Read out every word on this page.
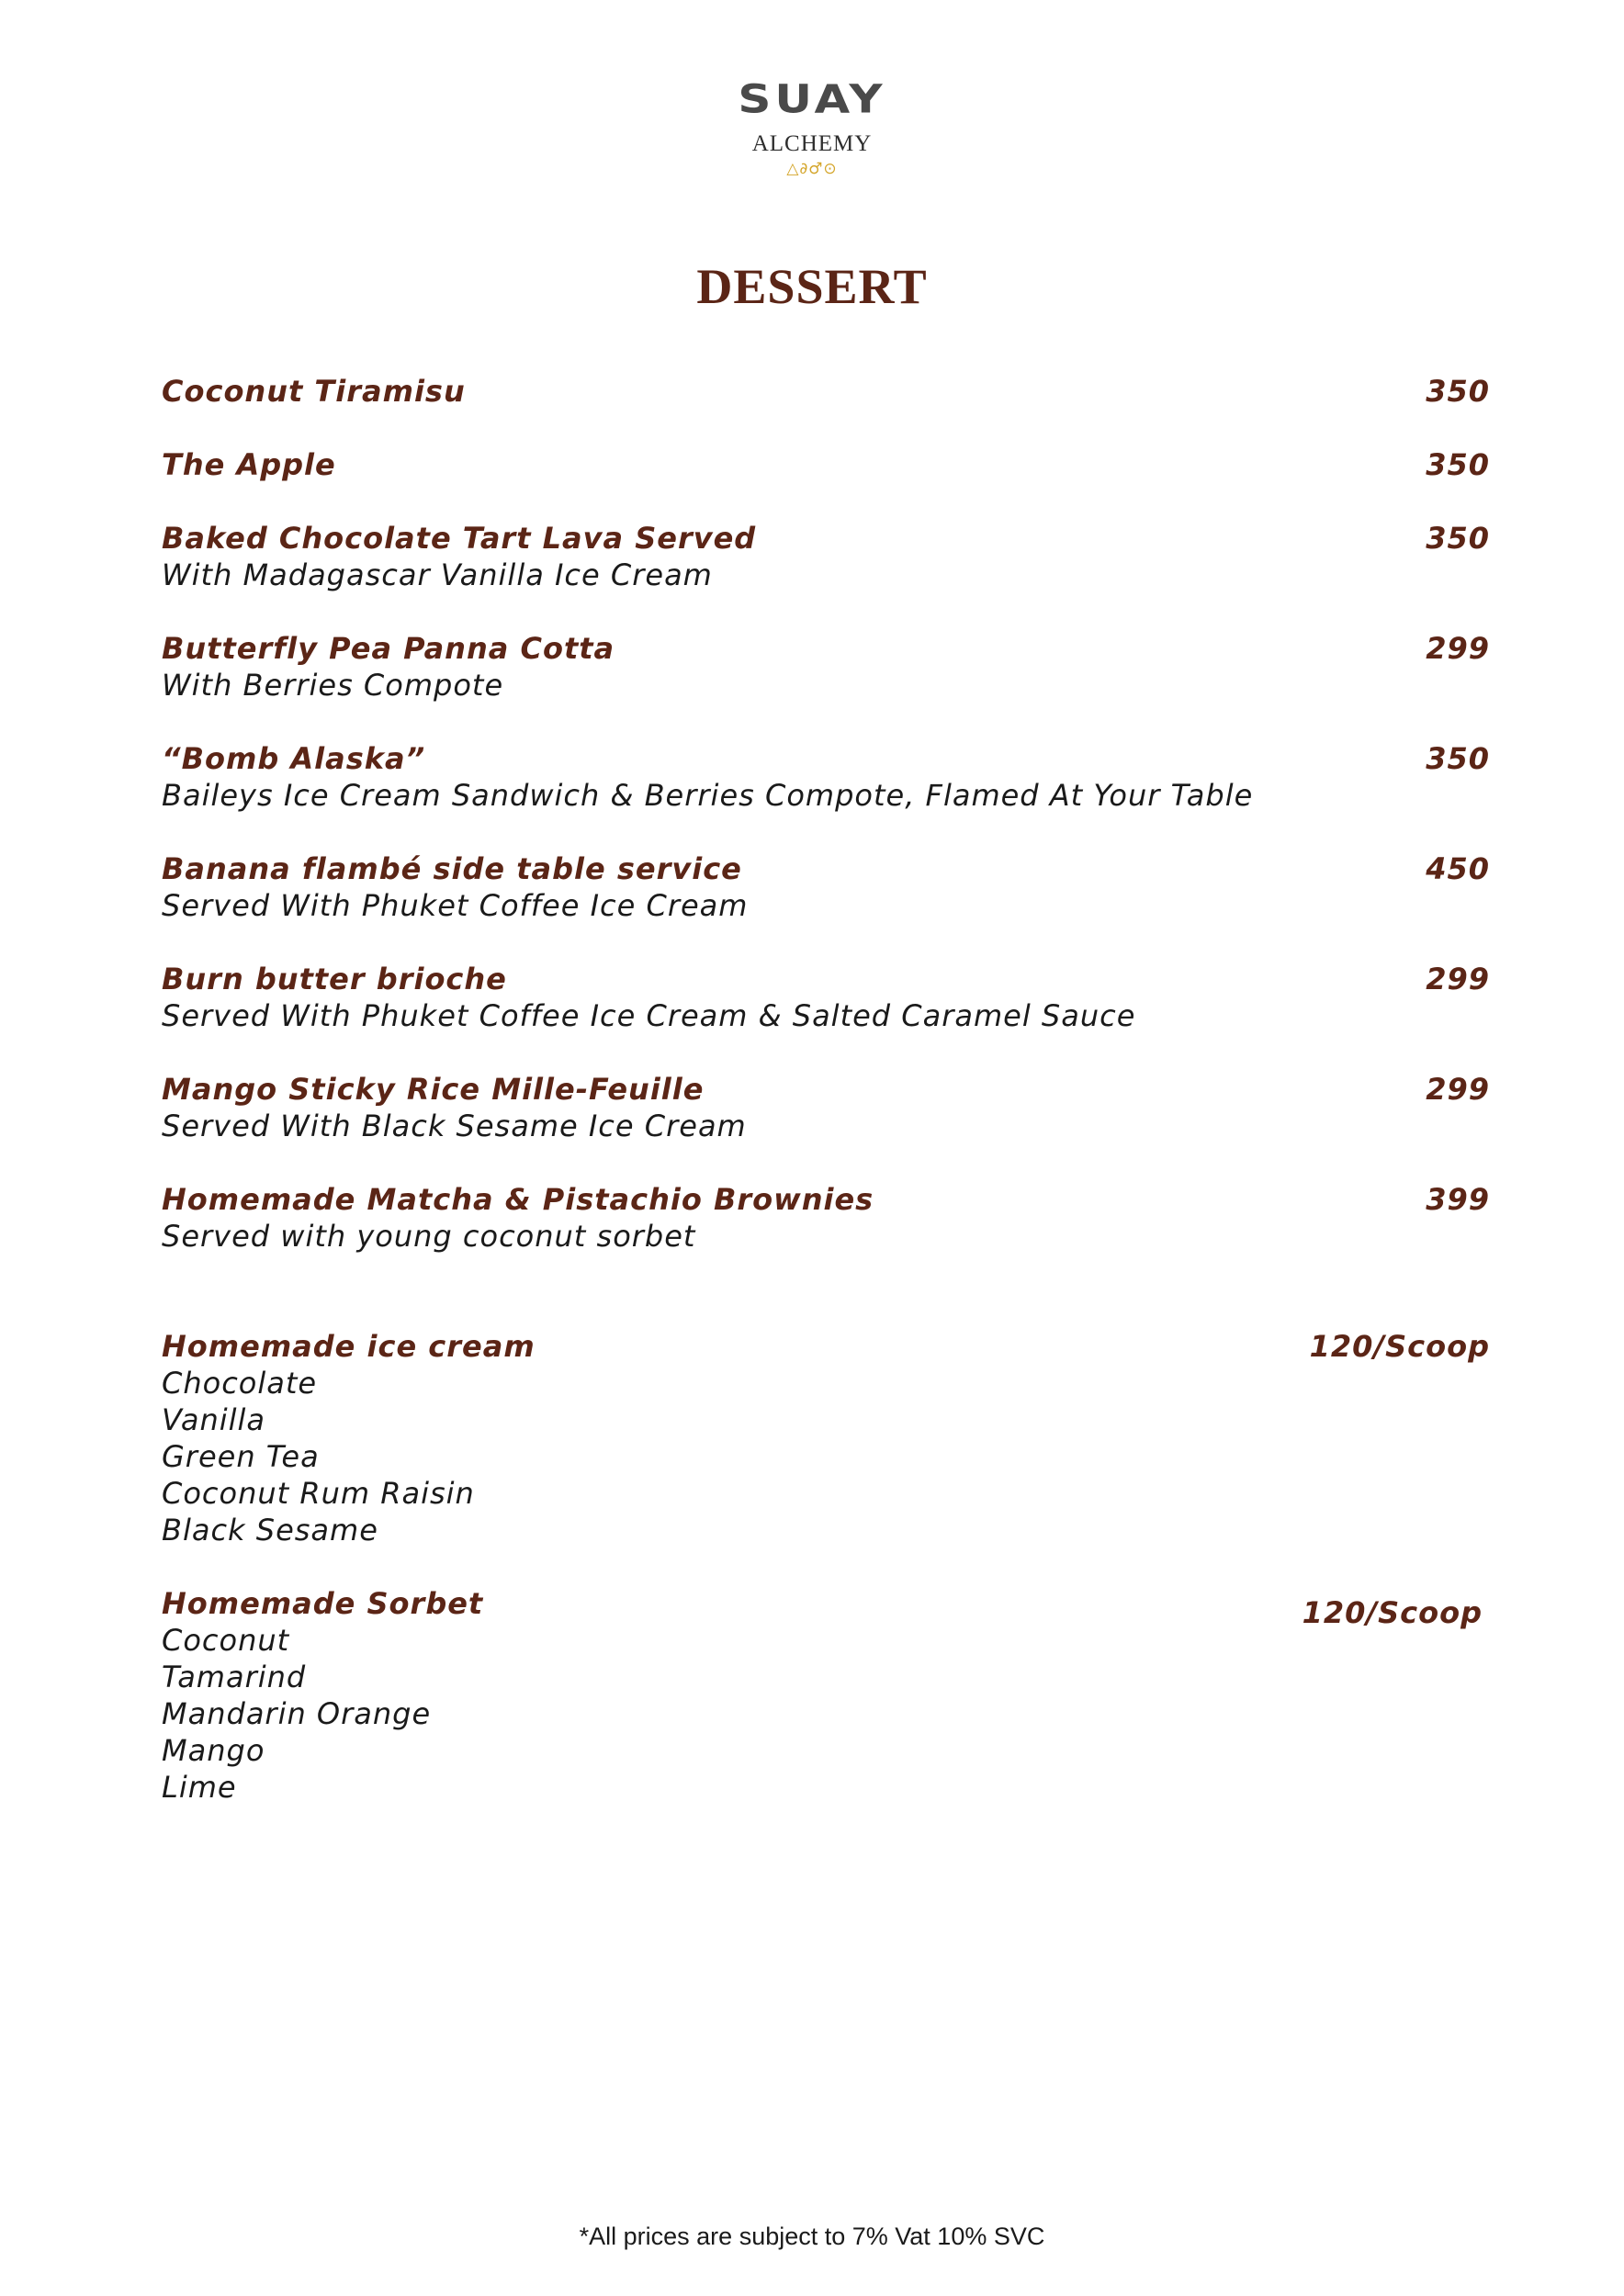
SUAY
ALCHEMY
△∂♂⊙
DESSERT
Coconut Tiramisu	350
The Apple	350
Baked Chocolate Tart Lava Served	350
With Madagascar Vanilla Ice Cream
Butterfly Pea Panna Cotta	299
With Berries Compote
“Bomb Alaska”	350
Baileys Ice Cream Sandwich & Berries Compote, Flamed At Your Table
Banana flambé side table service	450
Served With Phuket Coffee Ice Cream
Burn butter brioche	299
Served With Phuket Coffee Ice Cream & Salted Caramel Sauce
Mango Sticky Rice Mille-Feuille	299
Served With Black Sesame Ice Cream
Homemade Matcha & Pistachio Brownies	399
Served with young coconut sorbet
Homemade ice cream	120/Scoop
Chocolate
Vanilla
Green Tea
Coconut Rum Raisin
Black Sesame
Homemade Sorbet	120/Scoop
Coconut
Tamarind
Mandarin Orange
Mango
Lime
*All prices are subject to 7% Vat 10% SVC
